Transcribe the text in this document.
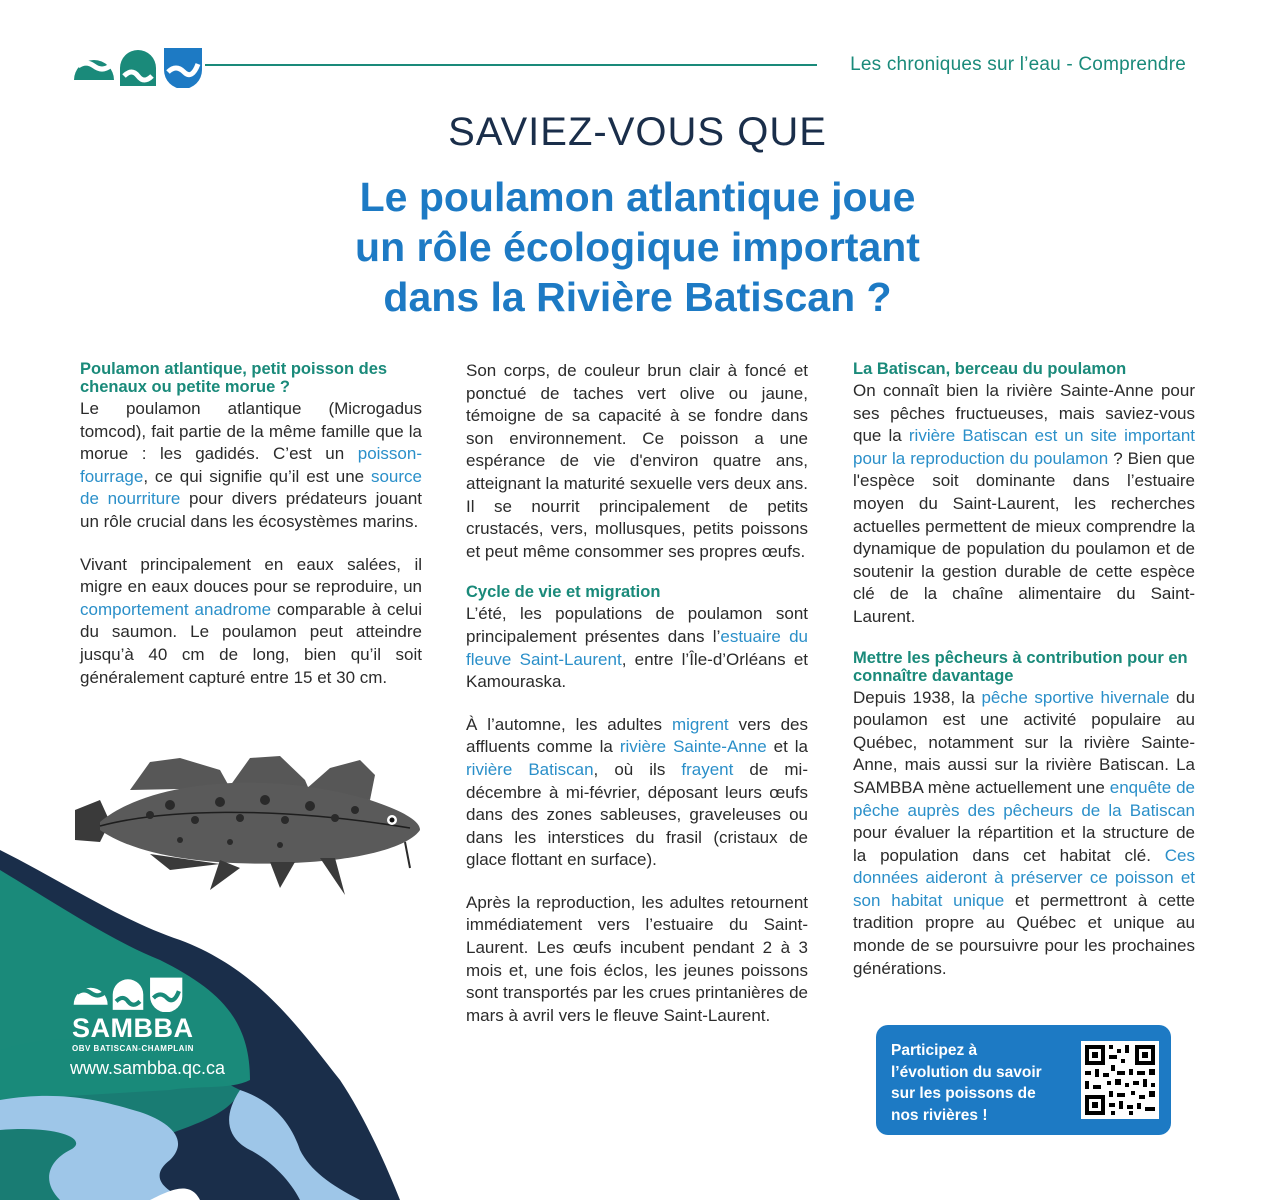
Les chroniques sur l’eau - Comprendre
SAVIEZ-VOUS QUE
Le poulamon atlantique joue
un rôle écologique important
dans la Rivière Batiscan ?
Poulamon atlantique, petit poisson des chenaux ou petite morue ?

Le poulamon atlantique (Microgadus tomcod), fait partie de la même famille que la morue : les gadidés. C’est un poisson-fourrage, ce qui signifie qu’il est une source de nourriture pour divers prédateurs jouant un rôle crucial dans les écosystèmes marins.

Vivant principalement en eaux salées, il migre en eaux douces pour se reproduire, un comportement anadrome comparable à celui du saumon. Le poulamon peut atteindre jusqu’à 40 cm de long, bien qu’il soit généralement capturé entre 15 et 30 cm.

Son corps, de couleur brun clair à foncé et ponctué de taches vert olive ou jaune, témoigne de sa capacité à se fondre dans son environnement. Ce poisson a une espérance de vie d'environ quatre ans, atteignant la maturité sexuelle vers deux ans. Il se nourrit principalement de petits crustacés, vers, mollusques, petits poissons et peut même consommer ses propres œufs.

Cycle de vie et migration

L’été, les populations de poulamon sont principalement présentes dans l’estuaire du fleuve Saint-Laurent, entre l’Île-d’Orléans et Kamouraska.

À l’automne, les adultes migrent vers des affluents comme la rivière Sainte-Anne et la rivière Batiscan, où ils frayent de mi-décembre à mi-février, déposant leurs œufs dans des zones sableuses, graveleuses ou dans les interstices du frasil (cristaux de glace flottant en surface).

Après la reproduction, les adultes retournent immédiatement vers l’estuaire du Saint-Laurent. Les œufs incubent pendant 2 à 3 mois et, une fois éclos, les jeunes poissons sont transportés par les crues printanières de mars à avril vers le fleuve Saint-Laurent.

La Batiscan, berceau du poulamon

On connaît bien la rivière Sainte-Anne pour ses pêches fructueuses, mais saviez-vous que la rivière Batiscan est un site important pour la reproduction du poulamon ? Bien que l'espèce soit dominante dans l’estuaire moyen du Saint-Laurent, les recherches actuelles permettent de mieux comprendre la dynamique de population du poulamon et de soutenir la gestion durable de cette espèce clé de la chaîne alimentaire du Saint-Laurent.

Mettre les pêcheurs à contribution pour en connaître davantage

Depuis 1938, la pêche sportive hivernale du poulamon est une activité populaire au Québec, notamment sur la rivière Sainte-Anne, mais aussi sur la rivière Batiscan. La SAMBBA mène actuellement une enquête de pêche auprès des pêcheurs de la Batiscan pour évaluer la répartition et la structure de la population dans cet habitat clé. Ces données aideront à préserver ce poisson et son habitat unique et permettront à cette tradition propre au Québec et unique au monde de se poursuivre pour les prochaines générations.

SAMBBA
OBV BATISCAN-CHAMPLAIN
www.sambba.qc.ca
Participez à l’évolution du savoir sur les poissons de nos rivières !
